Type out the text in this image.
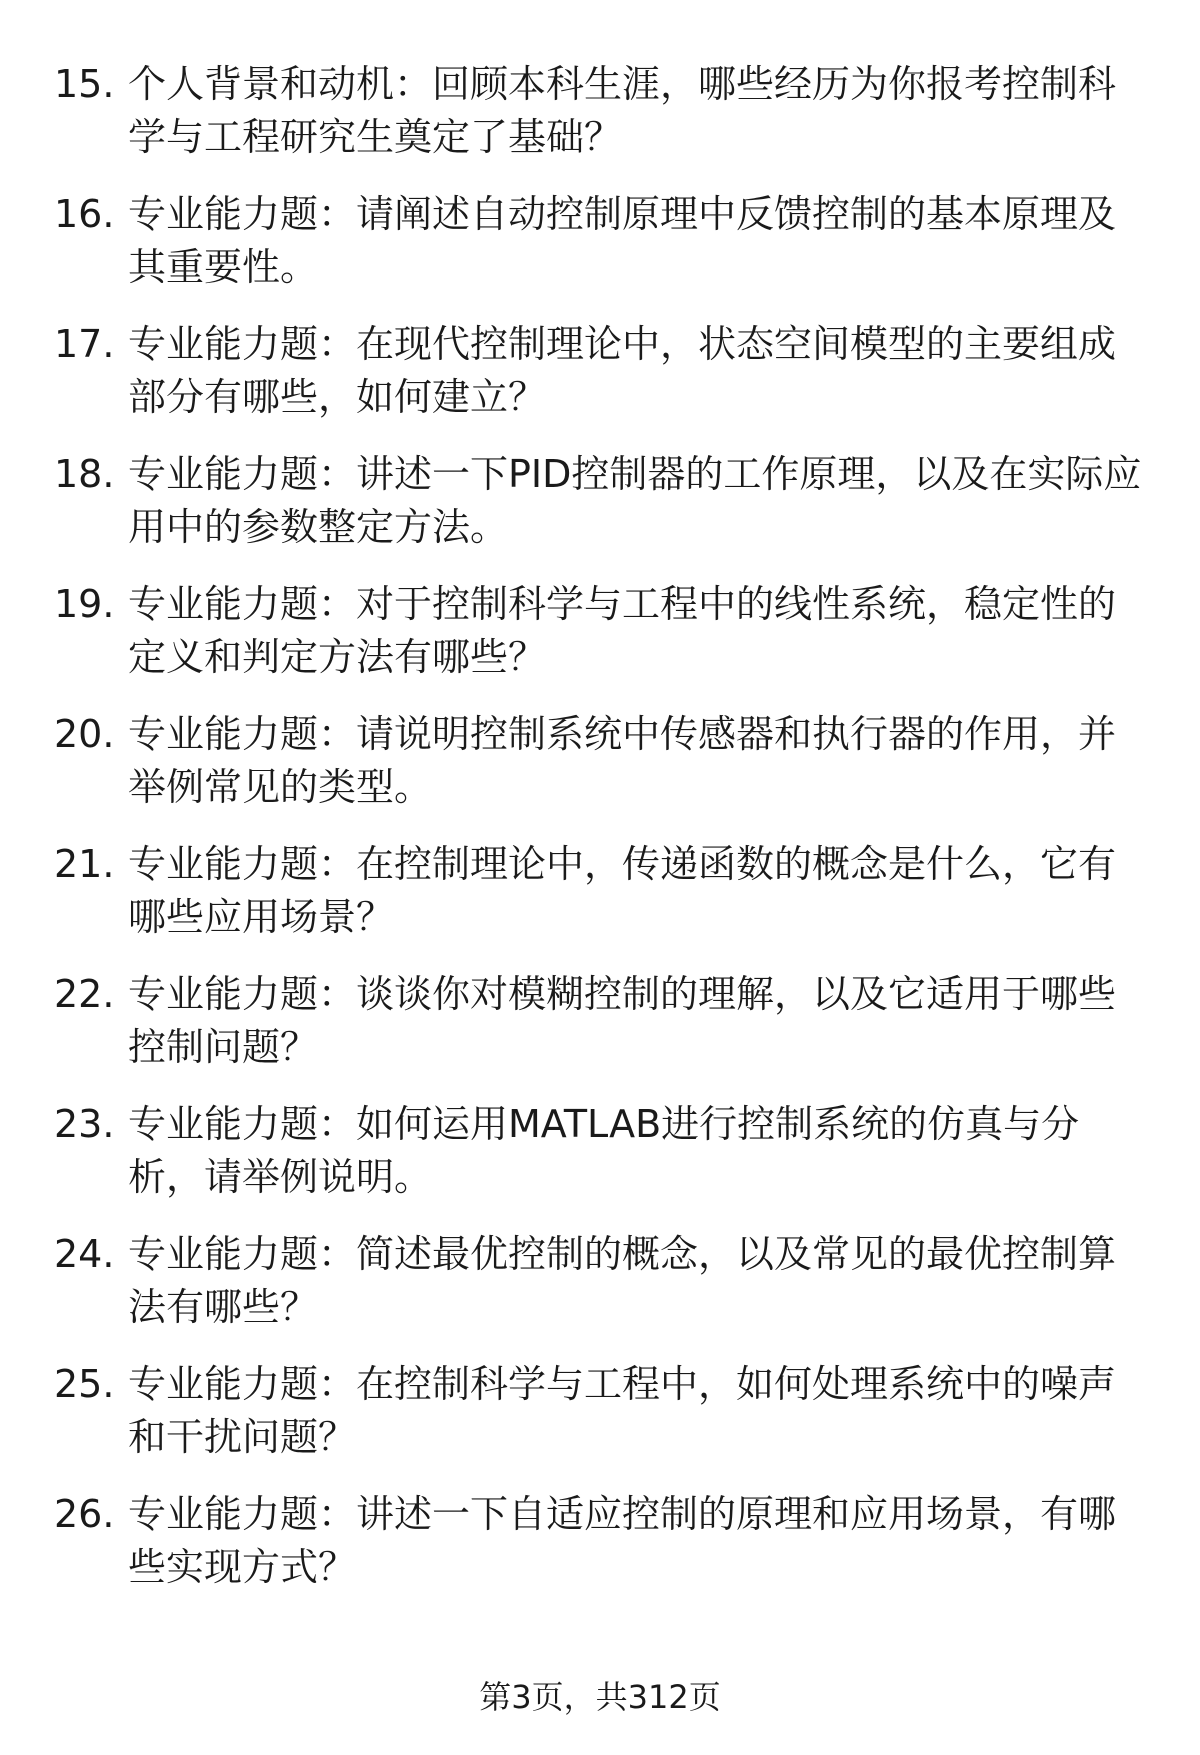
15. 个人背景和动机：回顾本科生涯，哪些经历为你报考控制科学与工程研究生奠定了基础？
16. 专业能力题：请阐述自动控制原理中反馈控制的基本原理及其重要性。
17. 专业能力题：在现代控制理论中，状态空间模型的主要组成部分有哪些，如何建立？
18. 专业能力题：讲述一下PID控制器的工作原理，以及在实际应用中的参数整定方法。
19. 专业能力题：对于控制科学与工程中的线性系统，稳定性的定义和判定方法有哪些？
20. 专业能力题：请说明控制系统中传感器和执行器的作用，并举例常见的类型。
21. 专业能力题：在控制理论中，传递函数的概念是什么，它有哪些应用场景？
22. 专业能力题：谈谈你对模糊控制的理解，以及它适用于哪些控制问题？
23. 专业能力题：如何运用MATLAB进行控制系统的仿真与分析，请举例说明。
24. 专业能力题：简述最优控制的概念，以及常见的最优控制算法有哪些？
25. 专业能力题：在控制科学与工程中，如何处理系统中的噪声和干扰问题？
26. 专业能力题：讲述一下自适应控制的原理和应用场景，有哪些实现方式？
第3页，共312页
